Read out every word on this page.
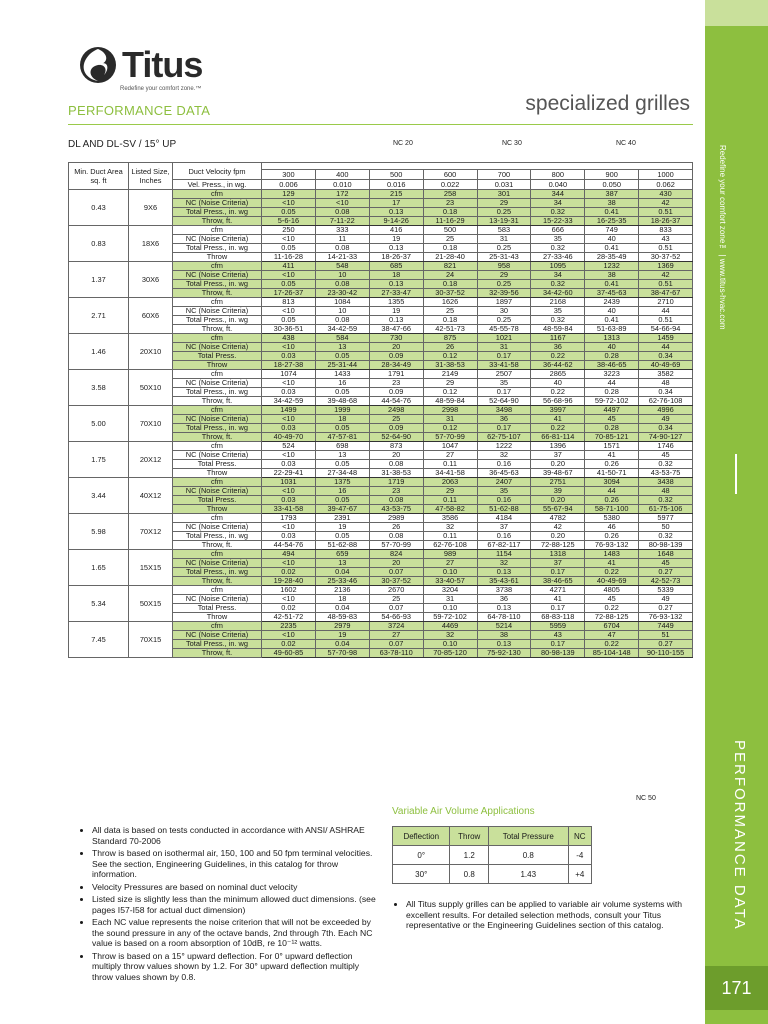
Redefine your comfort zone™ | www.titus-hvac.com
PERFORMANCE DATA
171
Titus
Redefine your comfort zone.™
PERFORMANCE DATA	specialized grilles
DL AND DL-SV / 15° UP	NC 20	NC 30	NC 40
Min. Duct Area sq. ft	Listed Size, Inches	Duct Velocity fpm								
			300	400	500	600	700	800	900	1000
		Vel. Press., in wg.	0.006	0.010	0.016	0.022	0.031	0.040	0.050	0.062
0.43	9X6	cfm	129	172	215	258	301	344	387	430
		NC (Noise Criteria)	<10	<10	17	23	29	34	38	42
		Total Press., in. wg	0.05	0.08	0.13	0.18	0.25	0.32	0.41	0.51
		Throw, ft.	5-6-16	7-11-22	9-14-26	11-16-29	13-19-31	15-22-33	16-25-35	18-26-37
0.83	18X6	cfm	250	333	416	500	583	666	749	833
		NC (Noise Criteria)	<10	11	19	25	31	35	40	43
		Total Press., in. wg	0.05	0.08	0.13	0.18	0.25	0.32	0.41	0.51
		Throw	11-16-28	14-21-33	18-26-37	21-28-40	25-31-43	27-33-46	28-35-49	30-37-52
1.37	30X6	cfm	411	548	685	821	958	1095	1232	1369
		NC (Noise Criteria)	<10	10	18	24	29	34	38	42
		Total Press., in. wg	0.05	0.08	0.13	0.18	0.25	0.32	0.41	0.51
		Throw, ft.	17-26-37	23-30-42	27-33-47	30-37-52	32-39-56	34-42-60	37-45-63	38-47-67
2.71	60X6	cfm	813	1084	1355	1626	1897	2168	2439	2710
		NC (Noise Criteria)	<10	10	19	25	30	35	40	44
		Total Press., in. wg	0.05	0.08	0.13	0.18	0.25	0.32	0.41	0.51
		Throw, ft.	30-36-51	34-42-59	38-47-66	42-51-73	45-55-78	48-59-84	51-63-89	54-66-94
1.46	20X10	cfm	438	584	730	875	1021	1167	1313	1459
		NC (Noise Criteria)	<10	13	20	26	31	36	40	44
		Total Press.	0.03	0.05	0.09	0.12	0.17	0.22	0.28	0.34
		Throw	18-27-38	25-31-44	28-34-49	31-38-53	33-41-58	36-44-62	38-46-65	40-49-69
3.58	50X10	cfm	1074	1433	1791	2149	2507	2865	3223	3582
		NC (Noise Criteria)	<10	16	23	29	35	40	44	48
		Total Press., in. wg	0.03	0.05	0.09	0.12	0.17	0.22	0.28	0.34
		Throw, ft.	34-42-59	39-48-68	44-54-76	48-59-84	52-64-90	56-68-96	59-72-102	62-76-108
5.00	70X10	cfm	1499	1999	2498	2998	3498	3997	4497	4996
		NC (Noise Criteria)	<10	18	25	31	36	41	45	49
		Total Press., in. wg	0.03	0.05	0.09	0.12	0.17	0.22	0.28	0.34
		Throw, ft.	40-49-70	47-57-81	52-64-90	57-70-99	62-75-107	66-81-114	70-85-121	74-90-127
1.75	20X12	cfm	524	698	873	1047	1222	1396	1571	1746
		NC (Noise Criteria)	<10	13	20	27	32	37	41	45
		Total Press.	0.03	0.05	0.08	0.11	0.16	0.20	0.26	0.32
		Throw	22-29-41	27-34-48	31-38-53	34-41-58	36-45-63	39-48-67	41-50-71	43-53-75
3.44	40X12	cfm	1031	1375	1719	2063	2407	2751	3094	3438
		NC (Noise Criteria)	<10	16	23	29	35	39	44	48
		Total Press.	0.03	0.05	0.08	0.11	0.16	0.20	0.26	0.32
		Throw	33-41-58	39-47-67	43-53-75	47-58-82	51-62-88	55-67-94	58-71-100	61-75-106
5.98	70X12	cfm	1793	2391	2989	3586	4184	4782	5380	5977
		NC (Noise Criteria)	<10	19	26	32	37	42	46	50
		Total Press., in. wg	0.03	0.05	0.08	0.11	0.16	0.20	0.26	0.32
		Throw, ft.	44-54-76	51-62-88	57-70-99	62-76-108	67-82-117	72-88-125	76-93-132	80-98-139
1.65	15X15	cfm	494	659	824	989	1154	1318	1483	1648
		NC (Noise Criteria)	<10	13	20	27	32	37	41	45
		Total Press., in. wg	0.02	0.04	0.07	0.10	0.13	0.17	0.22	0.27
		Throw, ft.	19-28-40	25-33-46	30-37-52	33-40-57	35-43-61	38-46-65	40-49-69	42-52-73
5.34	50X15	cfm	1602	2136	2670	3204	3738	4271	4805	5339
		NC (Noise Criteria)	<10	18	25	31	36	41	45	49
		Total Press.	0.02	0.04	0.07	0.10	0.13	0.17	0.22	0.27
		Throw	42-51-72	48-59-83	54-66-93	59-72-102	64-78-110	68-83-118	72-88-125	76-93-132
7.45	70X15	cfm	2235	2979	3724	4469	5214	5959	6704	7449
		NC (Noise Criteria)	<10	19	27	32	38	43	47	51
		Total Press., in. wg	0.02	0.04	0.07	0.10	0.13	0.17	0.22	0.27
		Throw, ft.	49-60-85	57-70-98	63-78-110	70-85-120	75-92-130	80-98-139	85-104-148	90-110-155
NC 50
• All data is based on tests conducted in accordance with ANSI/ ASHRAE Standard 70-2006
• Throw is based on isothermal air, 150, 100 and 50 fpm terminal velocities. See the section, Engineering Guidelines, in this catalog for throw information.
• Velocity Pressures are based on nominal duct velocity
• Listed size is slightly less than the minimum allowed duct dimensions. (see pages I57-I58 for actual duct dimension)
• Each NC value represents the noise criterion that will not be exceeded by the sound pressure in any of the octave bands, 2nd through 7th. Each NC value is based on a room absorption of 10dB, re 10⁻¹² watts.
• Throw is based on a 15° upward deflection. For 0° upward deflection multiply throw values shown by 1.2. For 30° upward deflection multiply throw values shown by 0.8.
Variable Air Volume Applications
Deflection	Throw	Total Pressure	NC
0°	1.2	0.8	-4
30°	0.8	1.43	+4
• All Titus supply grilles can be applied to variable air volume systems with excellent results. For detailed selection methods, consult your Titus representative or the Engineering Guidelines section of this catalog.
